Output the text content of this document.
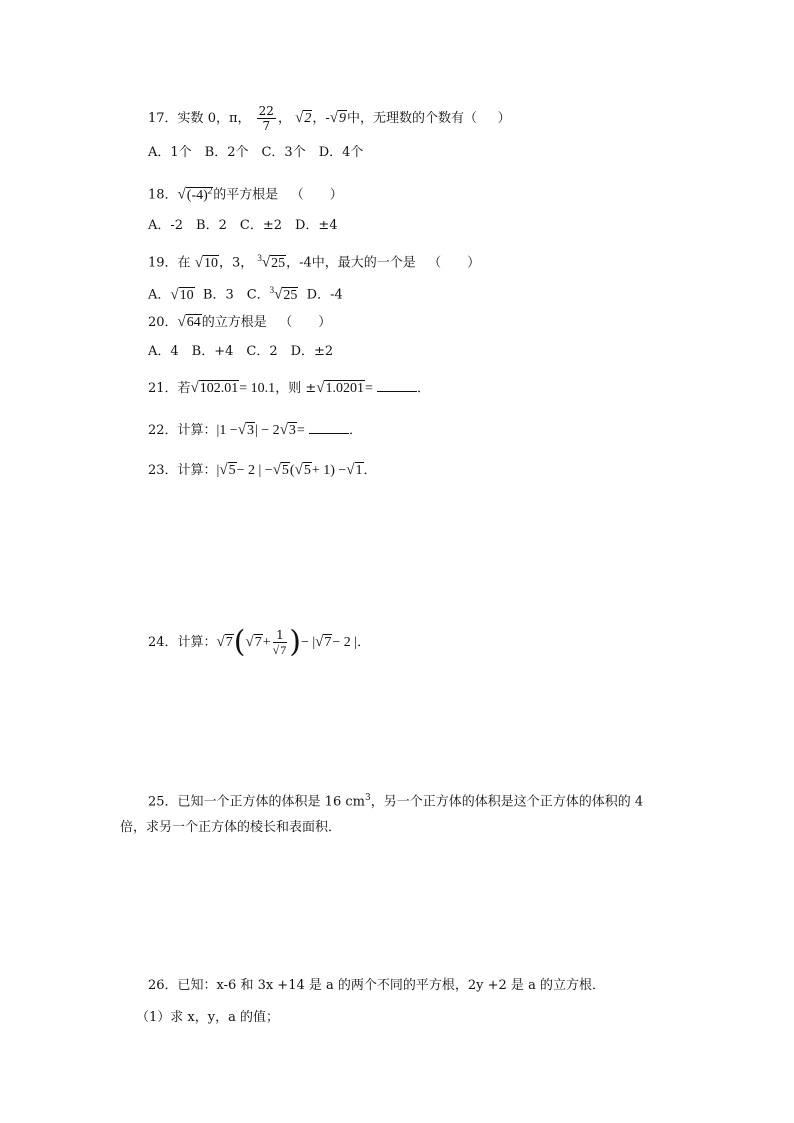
17．实数 0，π， $\frac{22}{7}$ ， √2，-√9中，无理数的个数有（ ）
A．1个　B．2个　C．3个　D．4个
18．$√(-4)^2$的平方根是 （　　）
A．-2　B．2　C．±2　D．±4
19．在 √10，3， $^3$√25，-4中，最大的一个是 （　　）
A．√10 B．3　C．$^3$√25 D．-4
20．√64的立方根是 （　　）
A．4　B．+4　C．2　D．±2
21．若√102.01= 10.1，则 ±√1.0201=	．
22．计算：|1 −√3| − 2√3=	．
23．计算：|√5− 2 | −√5(√5+ 1) −√1．
24．计算：$√7(√7+ \frac{1}{√7}$ )− |√7− 2 |．
25．已知一个正方体的体积是 16 $cm^3$，另一个正方体的体积是这个正方体的体积的 4
倍，求另一个正方体的棱长和表面积．
26．已知：x-6 和 3x +14 是 a 的两个不同的平方根，2y +2 是 a 的立方根．
（1）求 x，y，a 的值；
